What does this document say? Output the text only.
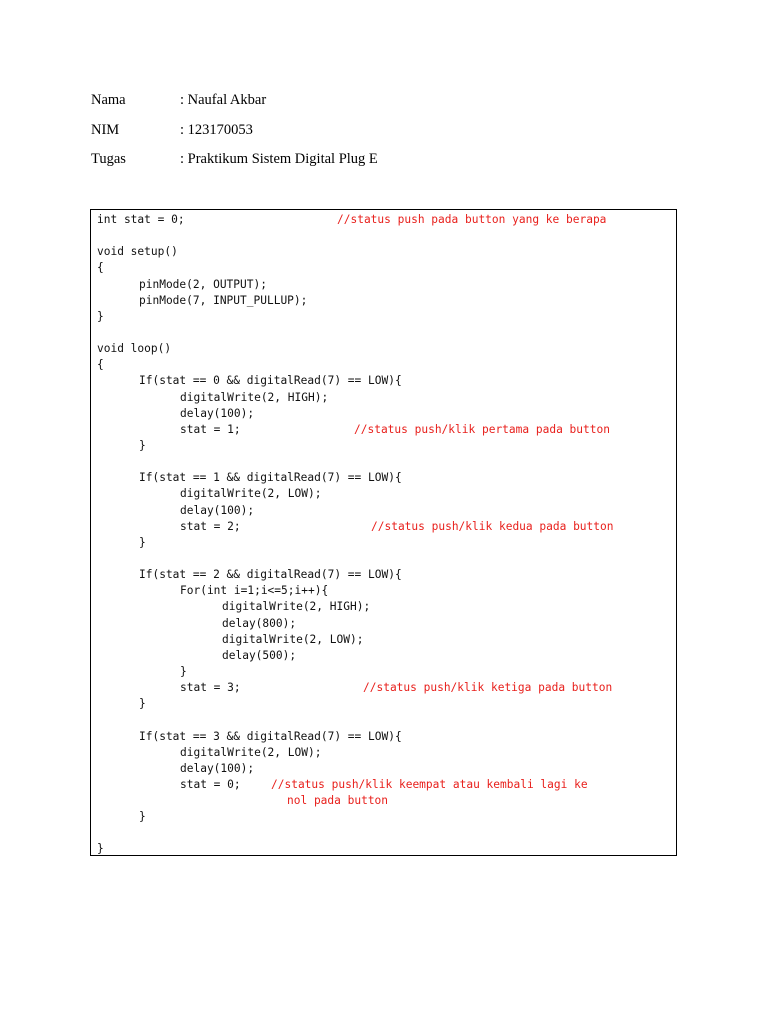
Nama	: Naufal Akbar
NIM	: 123170053
Tugas	: Praktikum Sistem Digital Plug E
int stat = 0;	//status push pada button yang ke berapa
void setup()
{
pinMode(2, OUTPUT);
pinMode(7, INPUT_PULLUP);
}
void loop()
{
If(stat == 0 && digitalRead(7) == LOW){
digitalWrite(2, HIGH);
delay(100);
stat = 1;	//status push/klik pertama pada button
}
If(stat == 1 && digitalRead(7) == LOW){
digitalWrite(2, LOW);
delay(100);
stat = 2;	//status push/klik kedua pada button
}
If(stat == 2 && digitalRead(7) == LOW){
For(int i=1;i<=5;i++){
digitalWrite(2, HIGH);
delay(800);
digitalWrite(2, LOW);
delay(500);
}
stat = 3;	//status push/klik ketiga pada button
}
If(stat == 3 && digitalRead(7) == LOW){
digitalWrite(2, LOW);
delay(100);
stat = 0;	//status push/klik keempat atau kembali lagi ke
nol pada button
}
}
